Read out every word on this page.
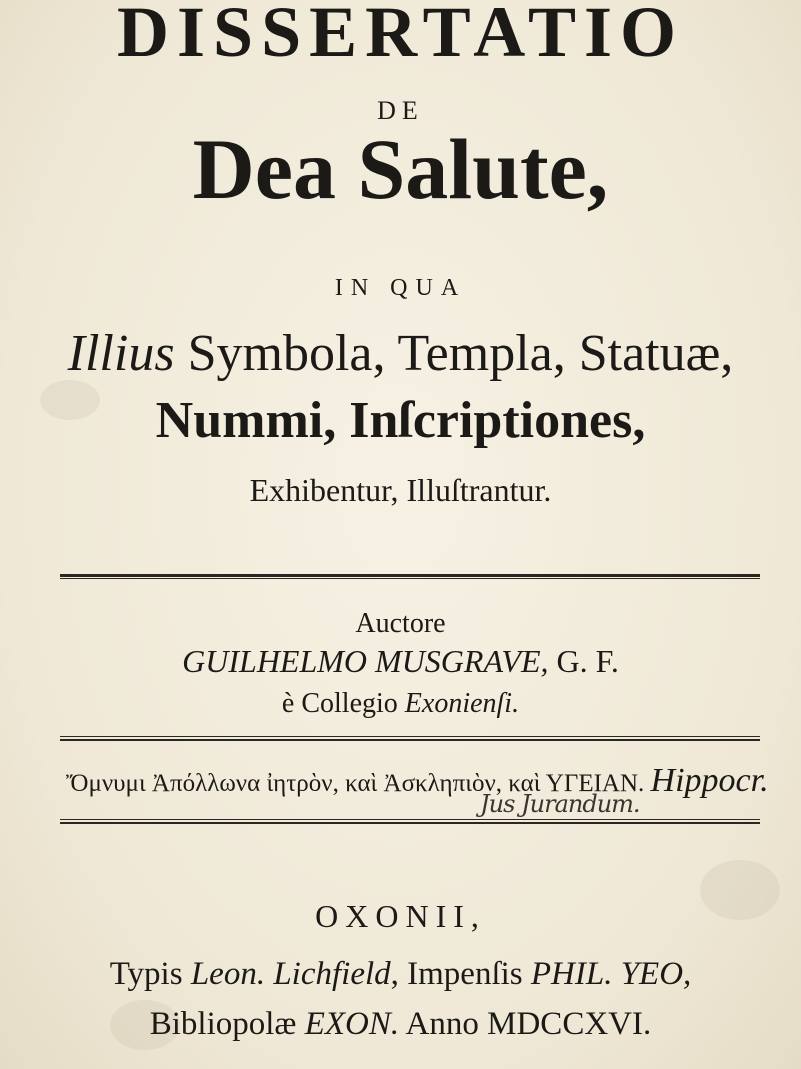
DISSERTATIO
DE
Dea Salute,
IN QUA
Illius Symbola, Templa, Statuæ,
Nummi, Inſcriptiones,
Exhibentur, Illuſtrantur.
Auctore
GUILHELMO MUSGRAVE, G. F.
è Collegio Exonienſi.
Ὄμνυμι Ἀπόλλωνα ἰητρὸν, καὶ Ἀσκληπιὸν, καὶ ΥΓΕΙΑΝ. Hippocr.
Jus Jurandum.
OXONII,
Typis Leon. Lichfield, Impenſis PHIL. YEO,
Bibliopolæ EXON. Anno MDCCXVI.
